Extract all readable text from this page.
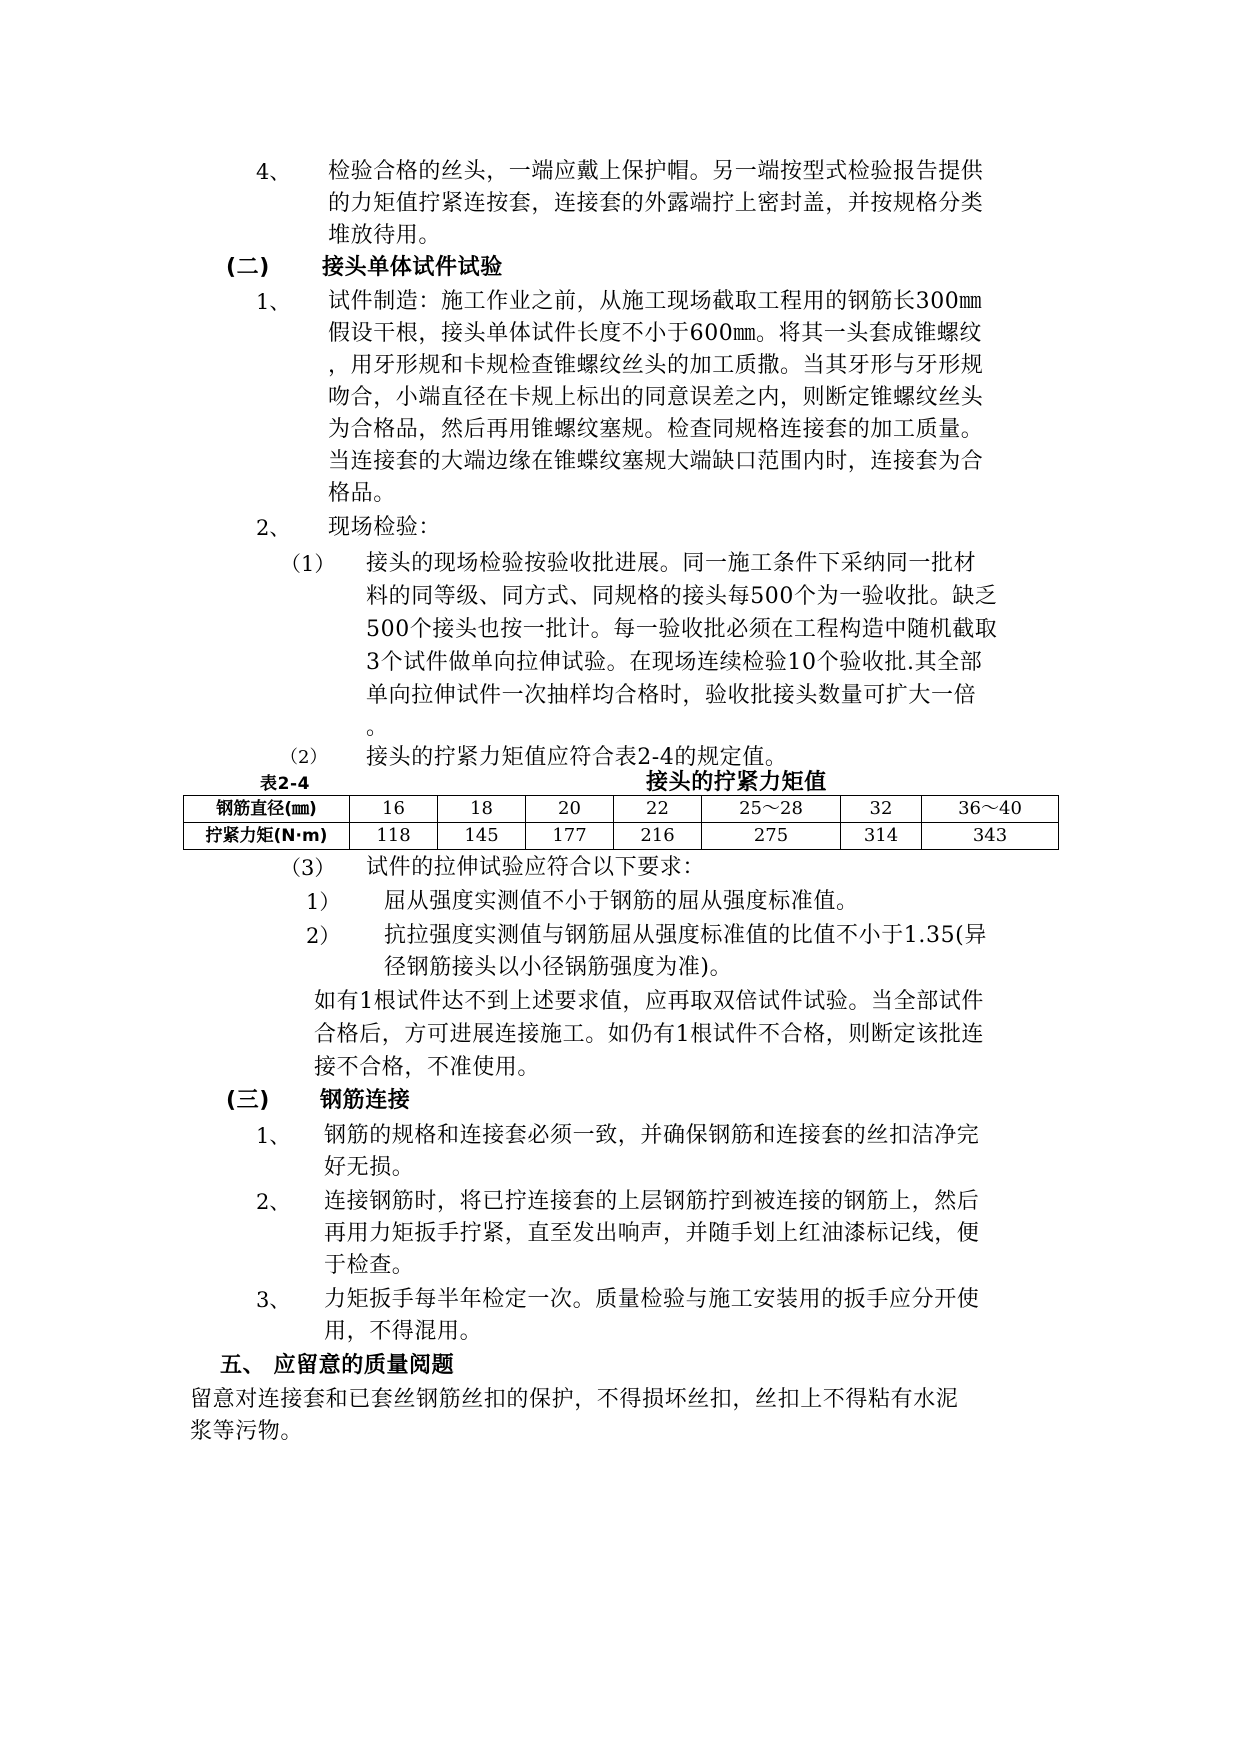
4、 检验合格的丝头，一端应戴上保护帽。另一端按型式检验报告提供
的力矩值拧紧连按套，连接套的外露端拧上密封盖，并按规格分类
堆放待用。
(二) 接头单体试件试验
1、 试件制造：施工作业之前，从施工现场截取工程用的钢筋长300㎜
假设干根，接头单体试件长度不小于600㎜。将其一头套成锥螺纹
，用牙形规和卡规检查锥螺纹丝头的加工质撒。当其牙形与牙形规
吻合，小端直径在卡规上标出的同意误差之内，则断定锥螺纹丝头
为合格品，然后再用锥螺纹塞规。检查同规格连接套的加工质量。
当连接套的大端边缘在锥蝶纹塞规大端缺口范围内时，连接套为合
格品。
2、 现场检验：
（1） 接头的现场检验按验收批进展。同一施工条件下采纳同一批材
料的同等级、同方式、同规格的接头每500个为一验收批。缺乏
500个接头也按一批计。每一验收批必须在工程构造中随机截取
3个试件做单向拉伸试验。在现场连续检验10个验收批.其全部
单向拉伸试件一次抽样均合格时，验收批接头数量可扩大一倍
。
（2） 接头的拧紧力矩值应符合表2-4的规定值。
表2-4	接头的拧紧力矩值
钢筋直径(㎜)	16	18	20	22	25～28	32	36～40
拧紧力矩(N·m)	118	145	177	216	275	314	343
（3） 试件的拉伸试验应符合以下要求：
1） 屈从强度实测值不小于钢筋的屈从强度标准值。
2） 抗拉强度实测值与钢筋屈从强度标准值的比值不小于1.35(异
径钢筋接头以小径锅筋强度为准)。
如有1根试件达不到上述要求值，应再取双倍试件试验。当全部试件
合格后，方可进展连接施工。如仍有1根试件不合格，则断定该批连
接不合格，不准使用。
(三) 钢筋连接
1、 钢筋的规格和连接套必须一致，并确保钢筋和连接套的丝扣洁净完
好无损。
2、 连接钢筋时，将已拧连接套的上层钢筋拧到被连接的钢筋上，然后
再用力矩扳手拧紧，直至发出响声，并随手划上红油漆标记线，便
于检查。
3、 力矩扳手每半年检定一次。质量检验与施工安装用的扳手应分开使
用，不得混用。
五、 应留意的质量阅题
留意对连接套和已套丝钢筋丝扣的保护，不得损坏丝扣，丝扣上不得粘有水泥
浆等污物。
